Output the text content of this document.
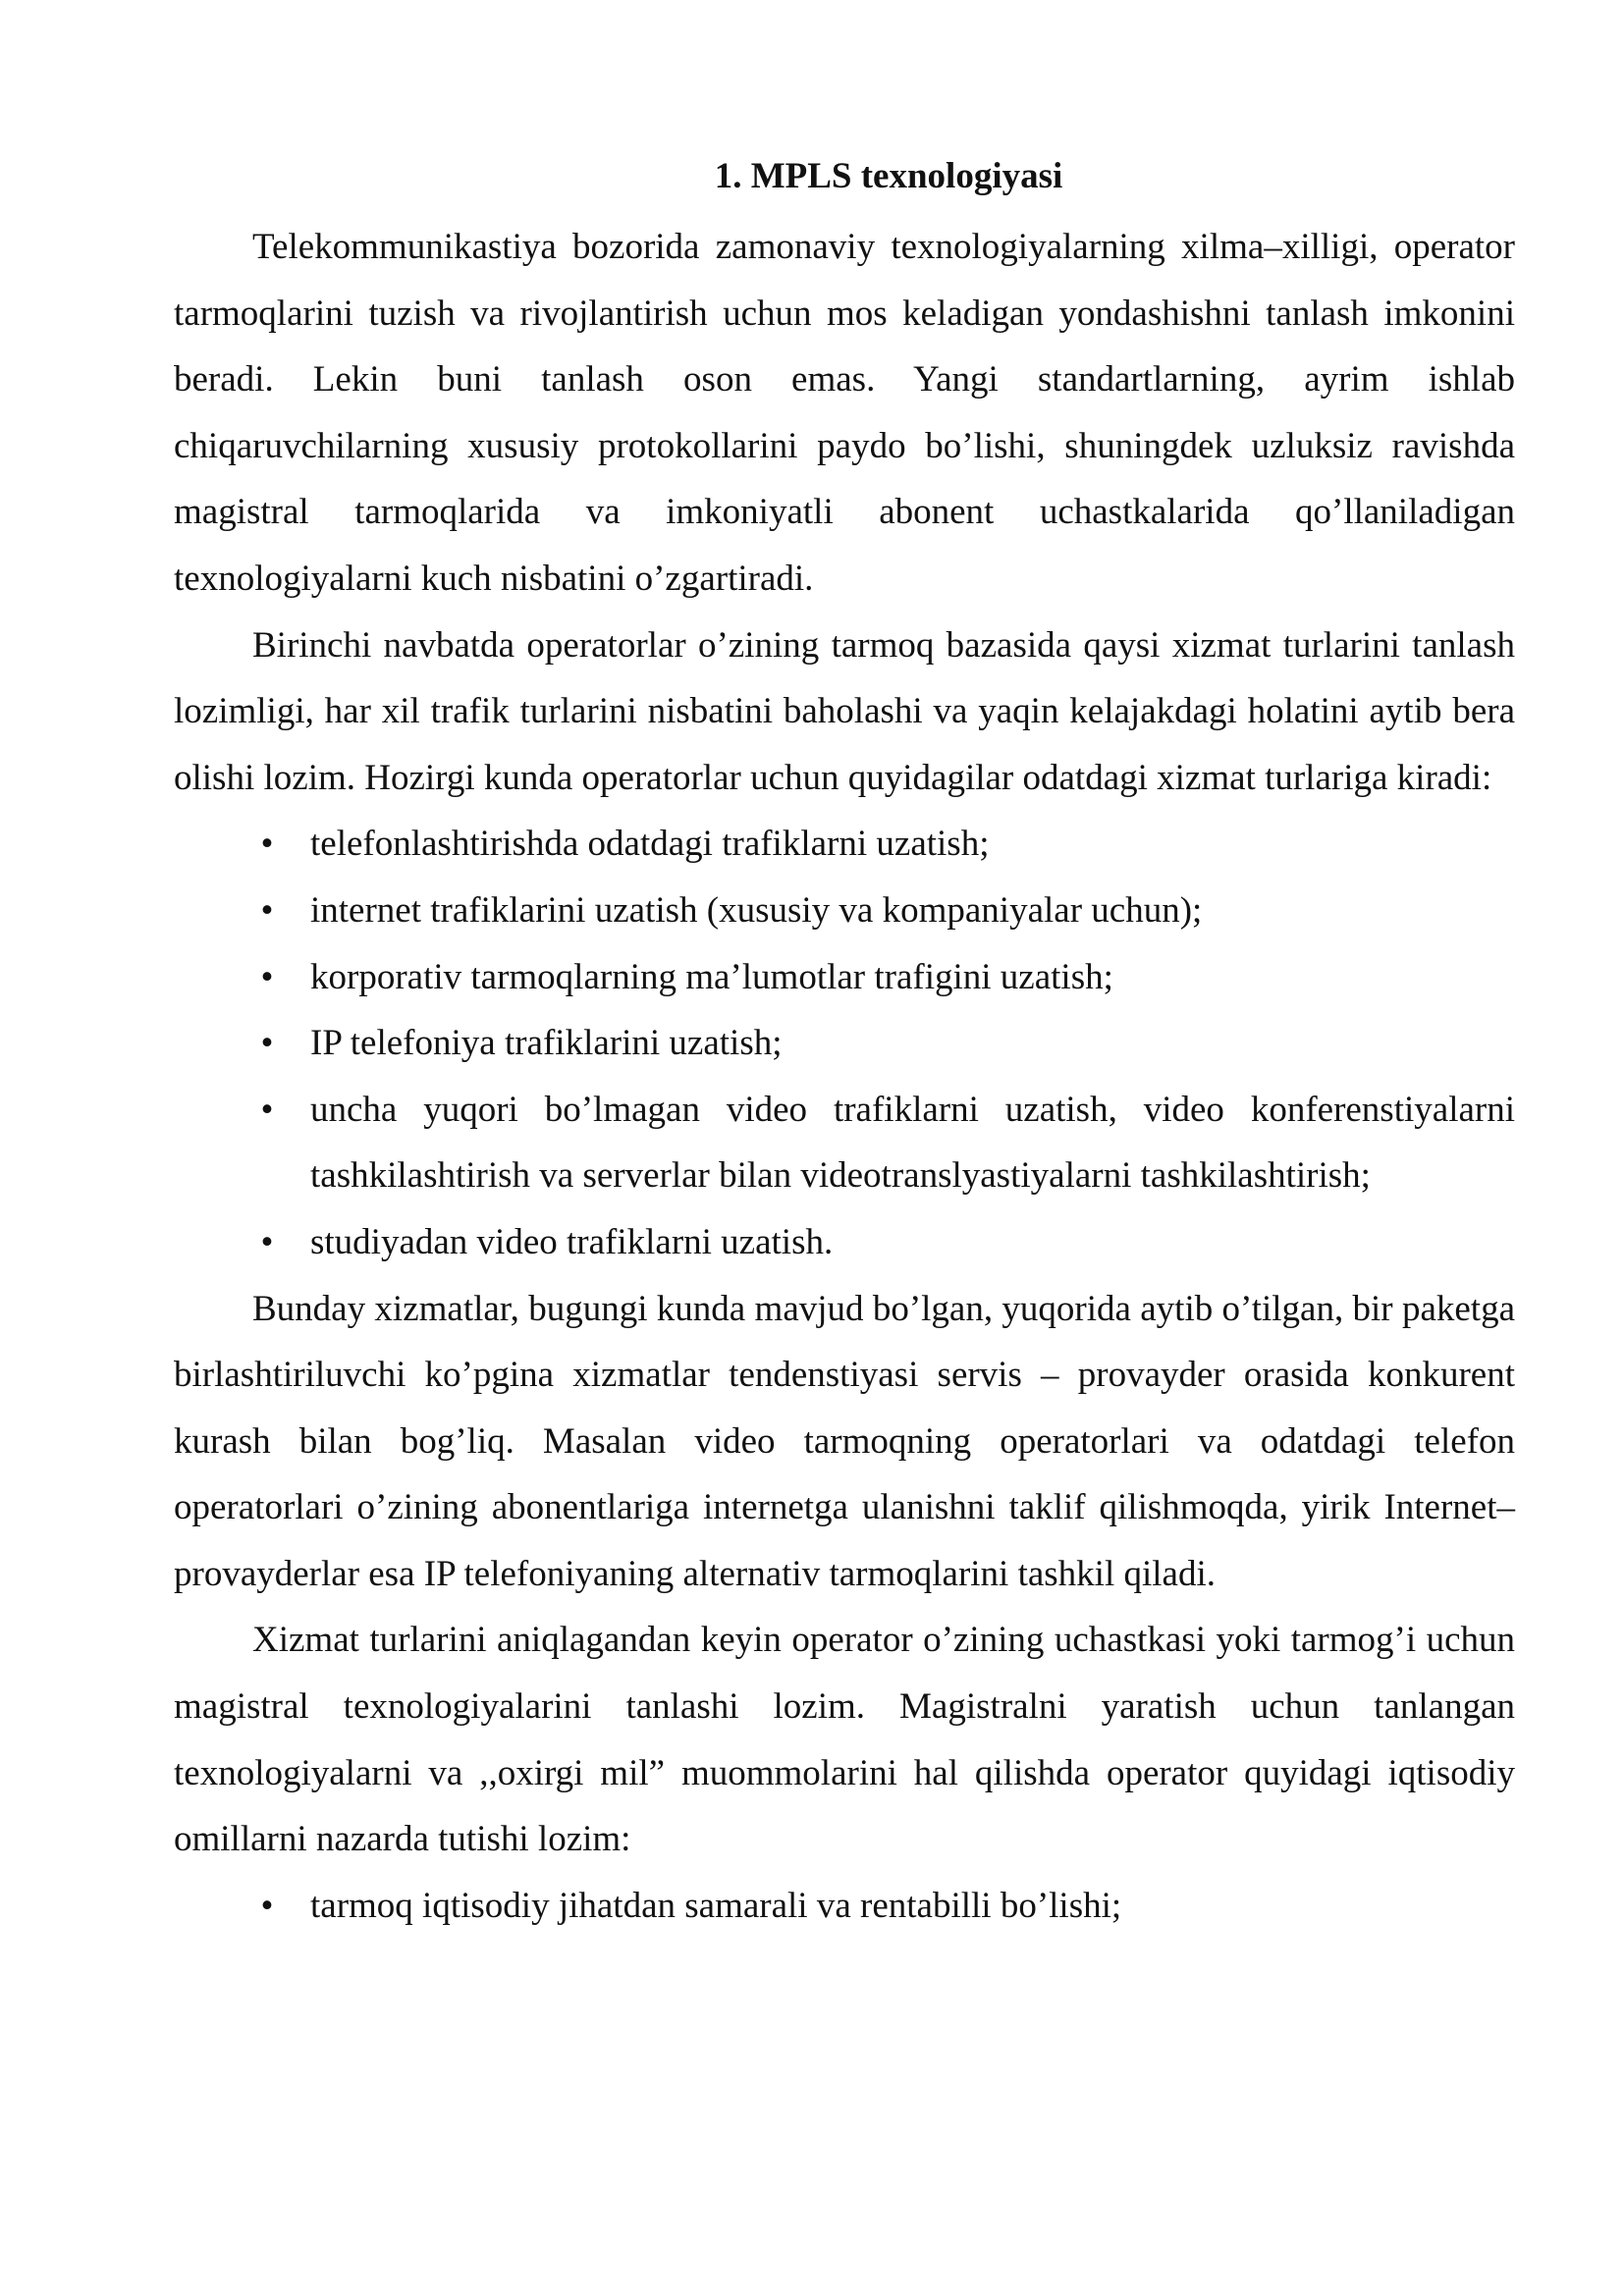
1. MPLS texnologiyasi

Telekommunikastiya bozorida zamonaviy texnologiyalarning xilma–xilligi, operator tarmoqlarini tuzish va rivojlantirish uchun mos keladigan yondashishni tanlash imkonini beradi. Lekin buni tanlash oson emas. Yangi standartlarning, ayrim ishlab chiqaruvchilarning xususiy protokollarini paydo bo’lishi, shuningdek uzluksiz ravishda magistral tarmoqlarida va imkoniyatli abonent uchastkalarida qo’llaniladigan texnologiyalarni kuch nisbatini o’zgartiradi.

Birinchi navbatda operatorlar o’zining tarmoq bazasida qaysi xizmat turlarini tanlash lozimligi, har xil trafik turlarini nisbatini baholashi va yaqin kelajakdagi holatini aytib bera olishi lozim. Hozirgi kunda operatorlar uchun quyidagilar odatdagi xizmat turlariga kiradi:

• telefonlashtirishda odatdagi trafiklarni uzatish;
• internet trafiklarini uzatish (xususiy va kompaniyalar uchun);
• korporativ tarmoqlarning ma’lumotlar trafigini uzatish;
• IP telefoniya trafiklarini uzatish;
• uncha yuqori bo’lmagan video trafiklarni uzatish, video konferenstiyalarni tashkilashtirish va serverlar bilan videotranslyastiyalarni tashkilashtirish;
• studiyadan video trafiklarni uzatish.

Bunday xizmatlar, bugungi kunda mavjud bo’lgan, yuqorida aytib o’tilgan, bir paketga birlashtiriluvchi ko’pgina xizmatlar tendenstiyasi servis – provayder orasida konkurent kurash bilan bog’liq. Masalan video tarmoqning operatorlari va odatdagi telefon operatorlari o’zining abonentlariga internetga ulanishni taklif qilishmoqda, yirik Internet–provayderlar esa IP telefoniyaning alternativ tarmoqlarini tashkil qiladi.

Xizmat turlarini aniqlagandan keyin operator o’zining uchastkasi yoki tarmog’i uchun magistral texnologiyalarini tanlashi lozim. Magistralni yaratish uchun tanlangan texnologiyalarni va ,,oxirgi mil” muommolarini hal qilishda operator quyidagi iqtisodiy omillarni nazarda tutishi lozim:

• tarmoq iqtisodiy jihatdan samarali va rentabilli bo’lishi;
